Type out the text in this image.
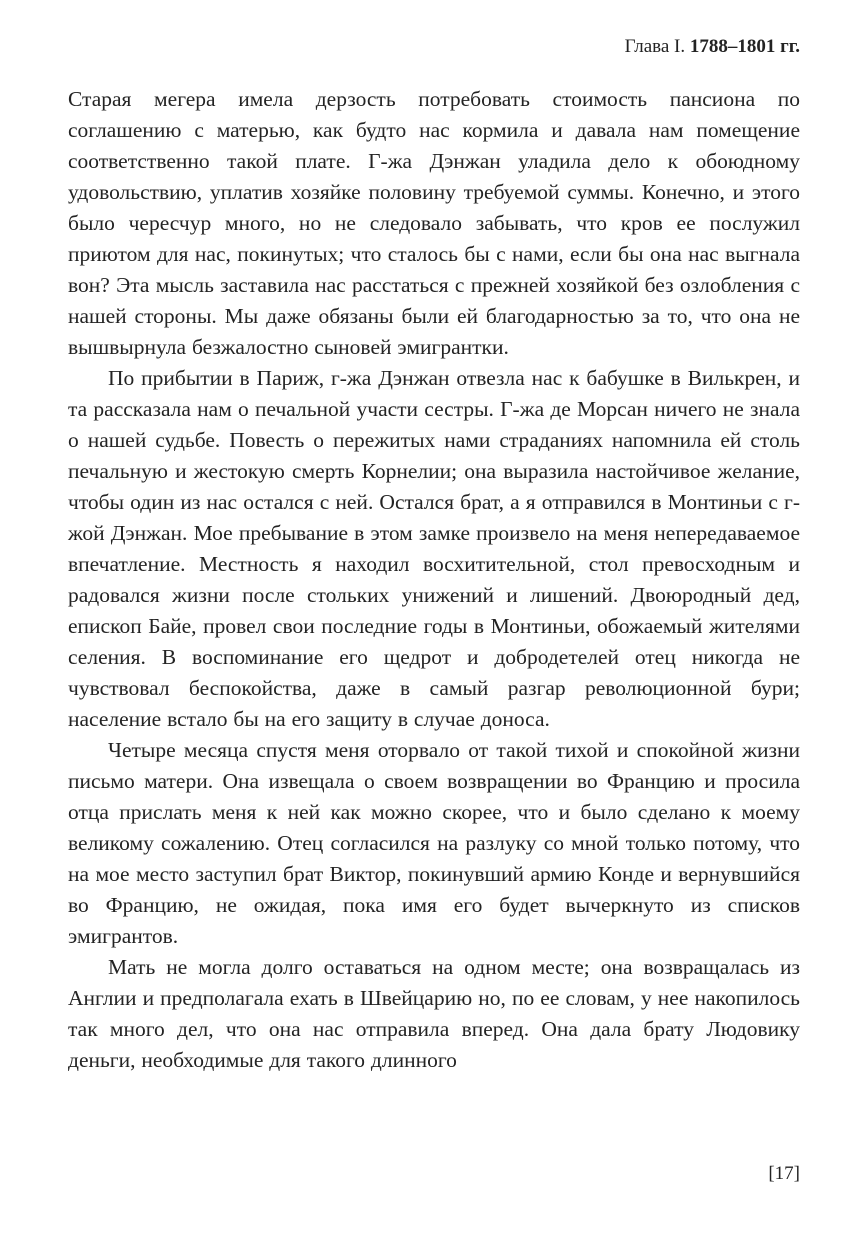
Глава I. 1788–1801 гг.

Старая мегера имела дерзость потребовать стоимость пансиона по соглашению с матерью, как будто нас кормила и давала нам помещение соответственно такой плате. Г-жа Дэнжан уладила дело к обоюдному удовольствию, уплатив хозяйке половину требуемой суммы. Конечно, и этого было чересчур много, но не следовало забывать, что кров ее послужил приютом для нас, покинутых; что сталось бы с нами, если бы она нас выгнала вон? Эта мысль заставила нас расстаться с прежней хозяйкой без озлобления с нашей стороны. Мы даже обязаны были ей благодарностью за то, что она не вышвырнула безжалостно сыновей эмигрантки.

По прибытии в Париж, г-жа Дэнжан отвезла нас к бабушке в Вилькрен, и та рассказала нам о печальной участи сестры. Г-жа де Морсан ничего не знала о нашей судьбе. Повесть о пережитых нами страданиях напомнила ей столь печальную и жестокую смерть Корнелии; она выразила настойчивое желание, чтобы один из нас остался с ней. Остался брат, а я отправился в Монтиньи с г-жой Дэнжан. Мое пребывание в этом замке произвело на меня непередаваемое впечатление. Местность я находил восхитительной, стол превосходным и радовался жизни после стольких унижений и лишений. Двоюродный дед, епископ Байе, провел свои последние годы в Монтиньи, обожаемый жителями селения. В воспоминание его щедрот и добродетелей отец никогда не чувствовал беспокойства, даже в самый разгар революционной бури; население встало бы на его защиту в случае доноса.

Четыре месяца спустя меня оторвало от такой тихой и спокойной жизни письмо матери. Она извещала о своем возвращении во Францию и просила отца прислать меня к ней как можно скорее, что и было сделано к моему великому сожалению. Отец согласился на разлуку со мной только потому, что на мое место заступил брат Виктор, покинувший армию Конде и вернувшийся во Францию, не ожидая, пока имя его будет вычеркнуто из списков эмигрантов.

Мать не могла долго оставаться на одном месте; она возвращалась из Англии и предполагала ехать в Швейцарию но, по ее словам, у нее накопилось так много дел, что она нас отправила вперед. Она дала брату Людовику деньги, необходимые для такого длинного

[17]
